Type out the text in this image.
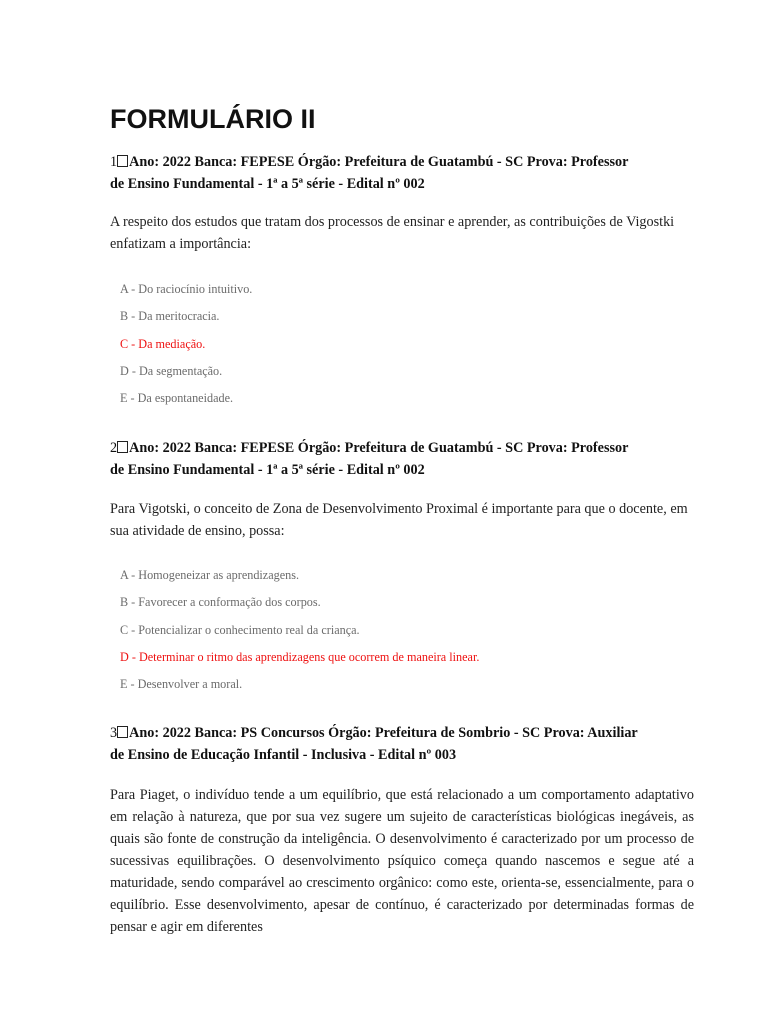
FORMULÁRIO II
1 Ano: 2022 Banca: FEPESE Órgão: Prefeitura de Guatambú - SC Prova: Professor
de Ensino Fundamental - 1ª a 5ª série - Edital nº 002

A respeito dos estudos que tratam dos processos de ensinar e aprender, as contribuições de Vigostki enfatizam a importância:

A - Do raciocínio intuitivo.
B - Da meritocracia.
C - Da mediação.
D - Da segmentação.
E - Da espontaneidade.
2 Ano: 2022 Banca: FEPESE Órgão: Prefeitura de Guatambú - SC Prova: Professor
de Ensino Fundamental - 1ª a 5ª série - Edital nº 002

Para Vigotski, o conceito de Zona de Desenvolvimento Proximal é importante para que o docente, em sua atividade de ensino, possa:

A - Homogeneizar as aprendizagens.
B - Favorecer a conformação dos corpos.
C - Potencializar o conhecimento real da criança.
D - Determinar o ritmo das aprendizagens que ocorrem de maneira linear.
E - Desenvolver a moral.
3 Ano: 2022 Banca: PS Concursos Órgão: Prefeitura de Sombrio - SC Prova: Auxiliar
de Ensino de Educação Infantil - Inclusiva - Edital nº 003

Para Piaget, o indivíduo tende a um equilíbrio, que está relacionado a um comportamento adaptativo em relação à natureza, que por sua vez sugere um sujeito de características biológicas inegáveis, as quais são fonte de construção da inteligência. O desenvolvimento é caracterizado por um processo de sucessivas equilibrações. O desenvolvimento psíquico começa quando nascemos e segue até a maturidade, sendo comparável ao crescimento orgânico: como este, orienta-se, essencialmente, para o equilíbrio. Esse desenvolvimento, apesar de contínuo, é caracterizado por determinadas formas de pensar e agir em diferentes
